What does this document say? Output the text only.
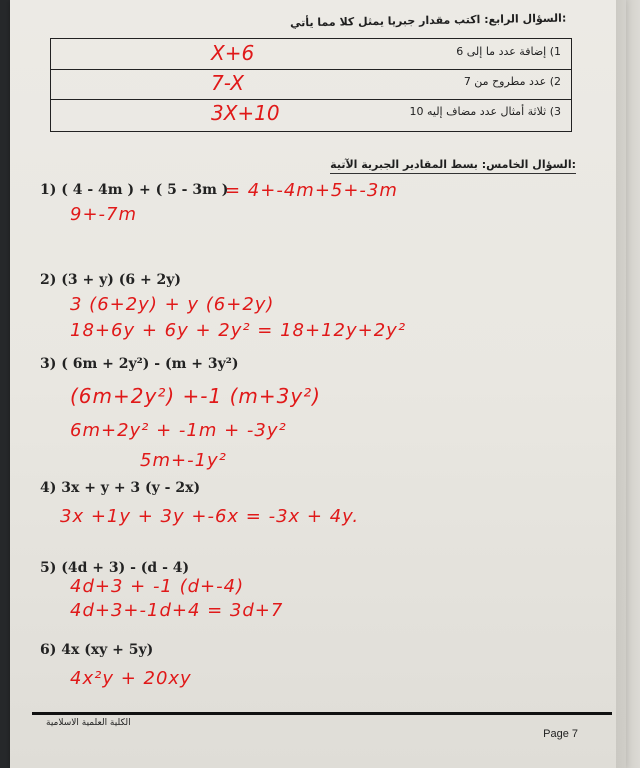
:السؤال الرابع: اكتب مقدار جبريا يمثل كلا مما يأتي
1) إضافة عدد ما إلى 6
X+6
2) عدد مطروح من 7
7-X
3) ثلاثة أمثال عدد مضاف إليه 10
3X+10
:السؤال الخامس: بسط المقادير الجبرية الآتية
1) ( 4 - 4m ) + ( 5 - 3m )
= 4+-4m+5+-3m
9+-7m
2) (3 + y) (6 + 2y)
3 (6+2y) + y (6+2y)
18+6y + 6y + 2y² = 18+12y+2y²
3) ( 6m + 2y²) - (m + 3y²)
(6m+2y²) +-1 (m+3y²)
6m+2y² + -1m + -3y²
5m+-1y²
4) 3x + y + 3 (y - 2x)
3x +1y + 3y +-6x = -3x + 4y.
5) (4d + 3) - (d - 4)
4d+3 + -1 (d+-4)
4d+3+-1d+4 = 3d+7
6) 4x (xy + 5y)
4x²y + 20xy
الكلية العلمية الاسلامية
Page 7
